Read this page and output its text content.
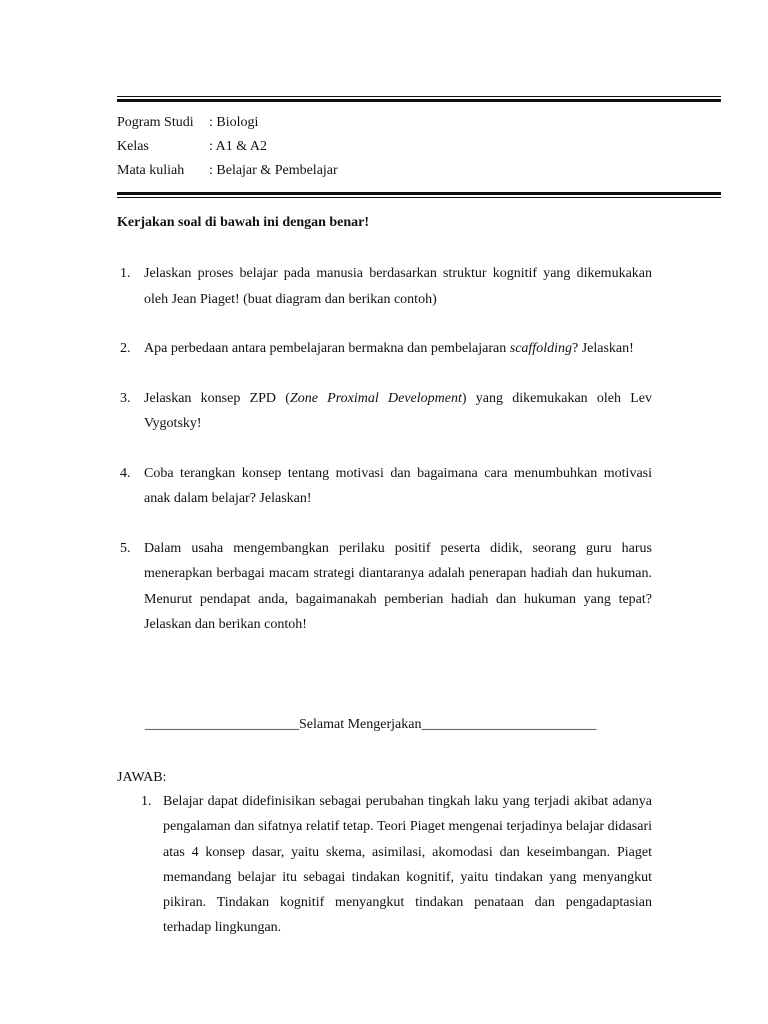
Pogram Studi : Biologi
Kelas	: A1 & A2
Mata kuliah : Belajar & Pembelajar
Kerjakan soal di bawah ini dengan benar!
1. Jelaskan proses belajar pada manusia berdasarkan struktur kognitif yang dikemukakan oleh Jean Piaget! (buat diagram dan berikan contoh)
2. Apa perbedaan antara pembelajaran bermakna dan pembelajaran scaffolding? Jelaskan!
3. Jelaskan konsep ZPD (Zone Proximal Development) yang dikemukakan oleh Lev Vygotsky!
4. Coba terangkan konsep tentang motivasi dan bagaimana cara menumbuhkan motivasi anak dalam belajar? Jelaskan!
5. Dalam usaha mengembangkan perilaku positif peserta didik, seorang guru harus menerapkan berbagai macam strategi diantaranya adalah penerapan hadiah dan hukuman. Menurut pendapat anda, bagaimanakah pemberian hadiah dan hukuman yang tepat? Jelaskan dan berikan contoh!
______________________Selamat Mengerjakan_________________________
JAWAB:
1. Belajar dapat didefinisikan sebagai perubahan tingkah laku yang terjadi akibat adanya pengalaman dan sifatnya relatif tetap. Teori Piaget mengenai terjadinya belajar didasari atas 4 konsep dasar, yaitu skema, asimilasi, akomodasi dan keseimbangan. Piaget memandang belajar itu sebagai tindakan kognitif, yaitu tindakan yang menyangkut pikiran. Tindakan kognitif menyangkut tindakan penataan dan pengadaptasian terhadap lingkungan.
